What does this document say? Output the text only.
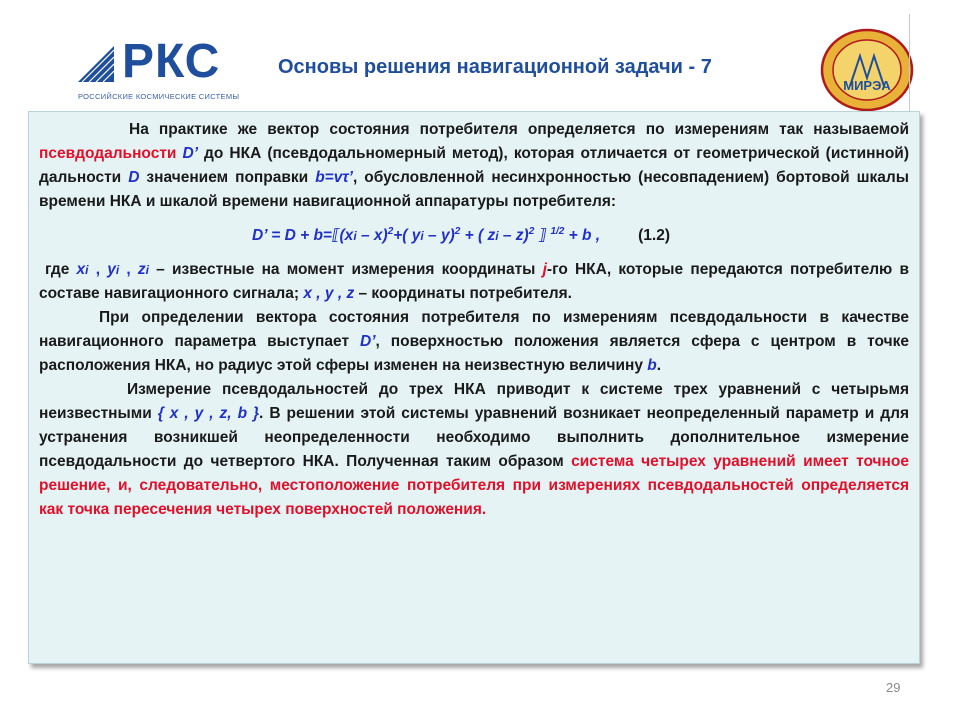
РКС
РОССИЙСКИЕ КОСМИЧЕСКИЕ СИСТЕМЫ
Основы решения навигационной задачи - 7
МИРЭА

На практике же вектор состояния потребителя определяется по измерениям так называемой псевдодальности D’ до НКА (псевдодальномерный метод), которая отличается от геометрической (истинной) дальности D значением поправки b=vτ’, обусловленной несинхронностью (несовпадением) бортовой шкалы времени НКА и шкалой времени навигационной аппаратуры потребителя:

D’ = D + b=⟦(xi – x)$^2$+( yi – y)$^2$ + ( zi – z)$^2$ ⟧ $^{1/2}$ + b , (1.2)

где xi , yi , zi – известные на момент измерения координаты j-го НКА, которые передаются потребителю в составе навигационного сигнала; x , y , z – координаты потребителя.

При определении вектора состояния потребителя по измерениям псевдодальности в качестве навигационного параметра выступает D’, поверхностью положения является сфера с центром в точке расположения НКА, но радиус этой сферы изменен на неизвестную величину b.

Измерение псевдодальностей до трех НКА приводит к системе трех уравнений с четырьмя неизвестными { x , y , z, b }. В решении этой системы уравнений возникает неопределенный параметр и для устранения возникшей неопределенности необходимо выполнить дополнительное измерение псевдодальности до четвертого НКА. Полученная таким образом система четырех уравнений имеет точное решение, и, следовательно, местоположение потребителя при измерениях псевдодальностей определяется как точка пересечения четырех поверхностей положения.

29
